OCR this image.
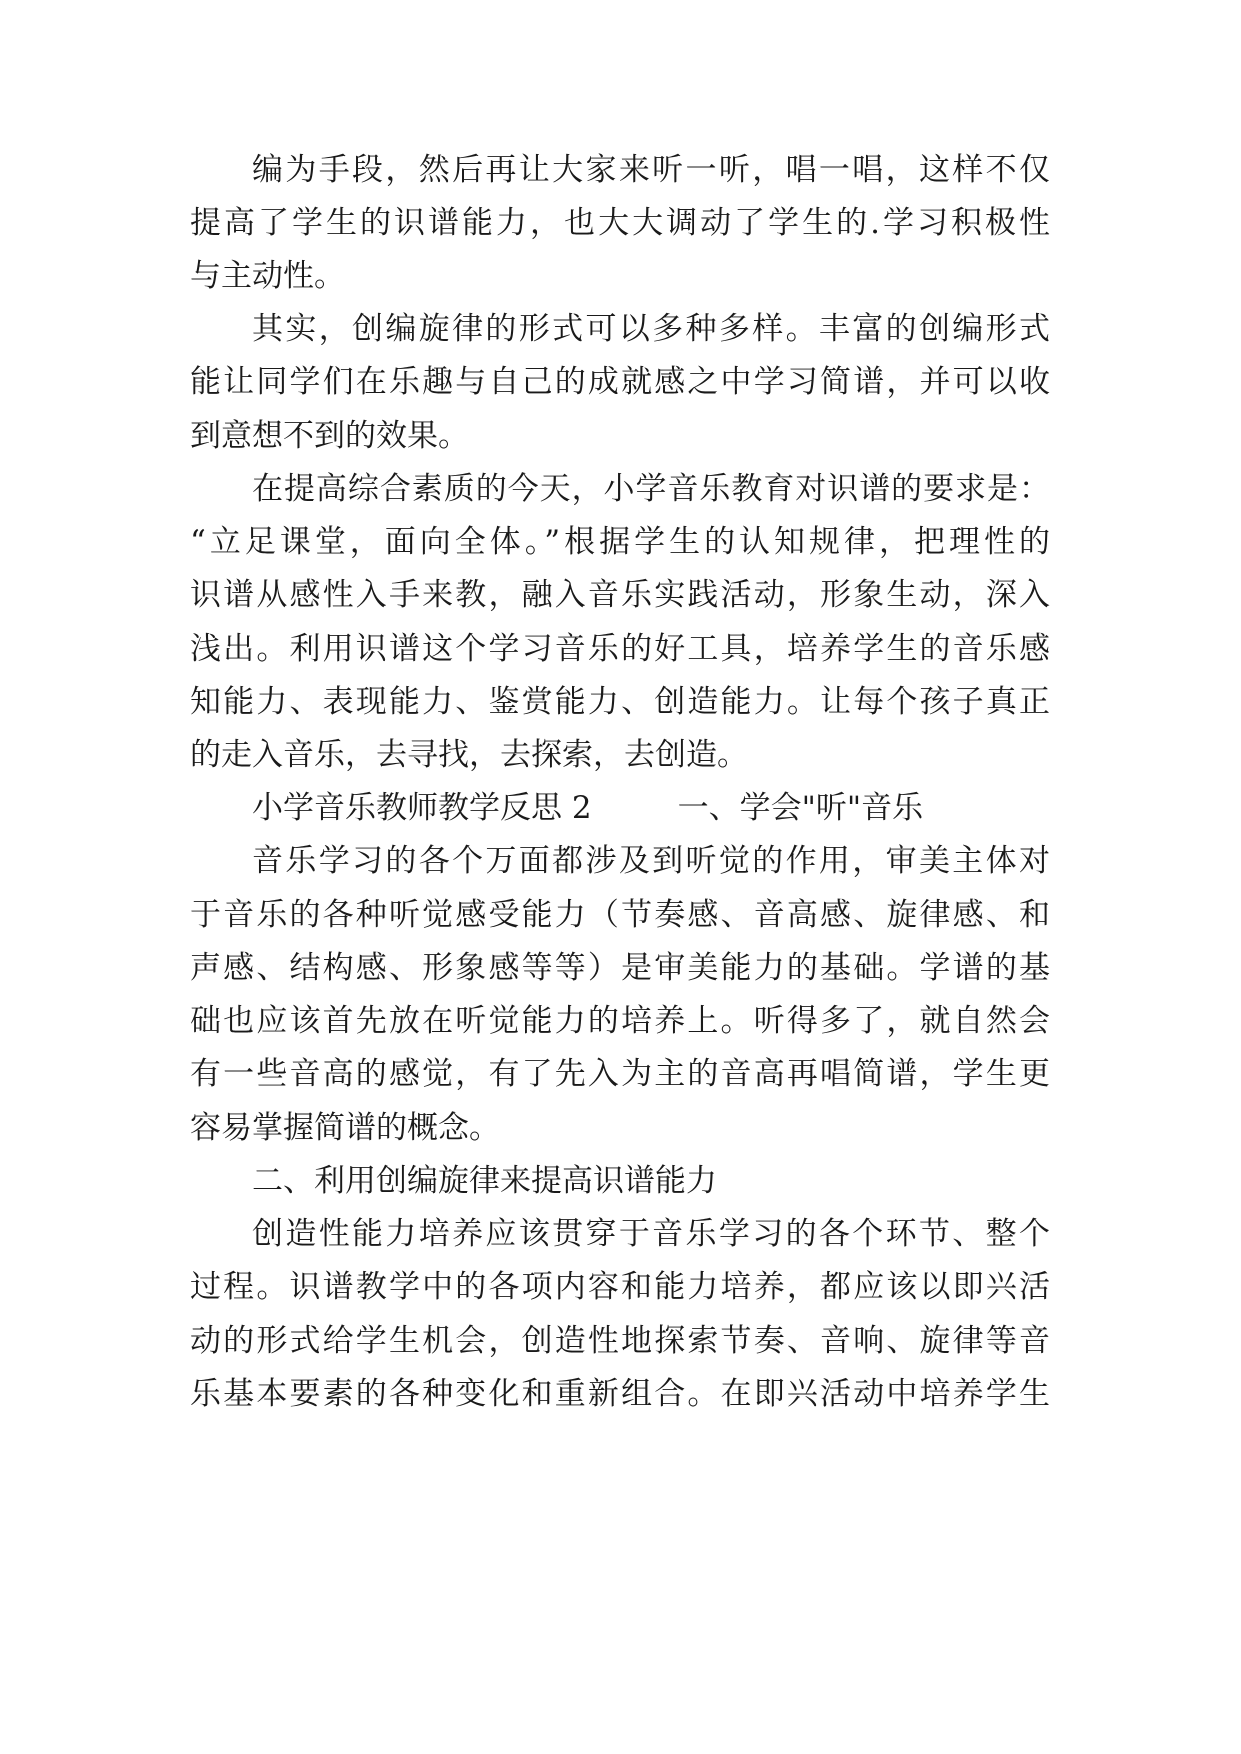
编为手段，然后再让大家来听一听，唱一唱，这样不仅
提高了学生的识谱能力，也大大调动了学生的.学习积极性
与主动性。
其实，创编旋律的形式可以多种多样。丰富的创编形式
能让同学们在乐趣与自己的成就感之中学习简谱，并可以收
到意想不到的效果。
在提高综合素质的今天，小学音乐教育对识谱的要求是：
“立足课堂，面向全体。”根据学生的认知规律，把理性的
识谱从感性入手来教，融入音乐实践活动，形象生动，深入
浅出。利用识谱这个学习音乐的好工具，培养学生的音乐感
知能力、表现能力、鉴赏能力、创造能力。让每个孩子真正
的走入音乐，去寻找，去探索，去创造。
小学音乐教师教学反思 2	一、学会"听"音乐
音乐学习的各个万面都涉及到听觉的作用，审美主体对
于音乐的各种听觉感受能力（节奏感、音高感、旋律感、和
声感、结构感、形象感等等）是审美能力的基础。学谱的基
础也应该首先放在听觉能力的培养上。听得多了，就自然会
有一些音高的感觉，有了先入为主的音高再唱简谱，学生更
容易掌握简谱的概念。
二、利用创编旋律来提高识谱能力
创造性能力培养应该贯穿于音乐学习的各个环节、整个
过程。识谱教学中的各项内容和能力培养，都应该以即兴活
动的形式给学生机会，创造性地探索节奏、音响、旋律等音
乐基本要素的各种变化和重新组合。在即兴活动中培养学生
